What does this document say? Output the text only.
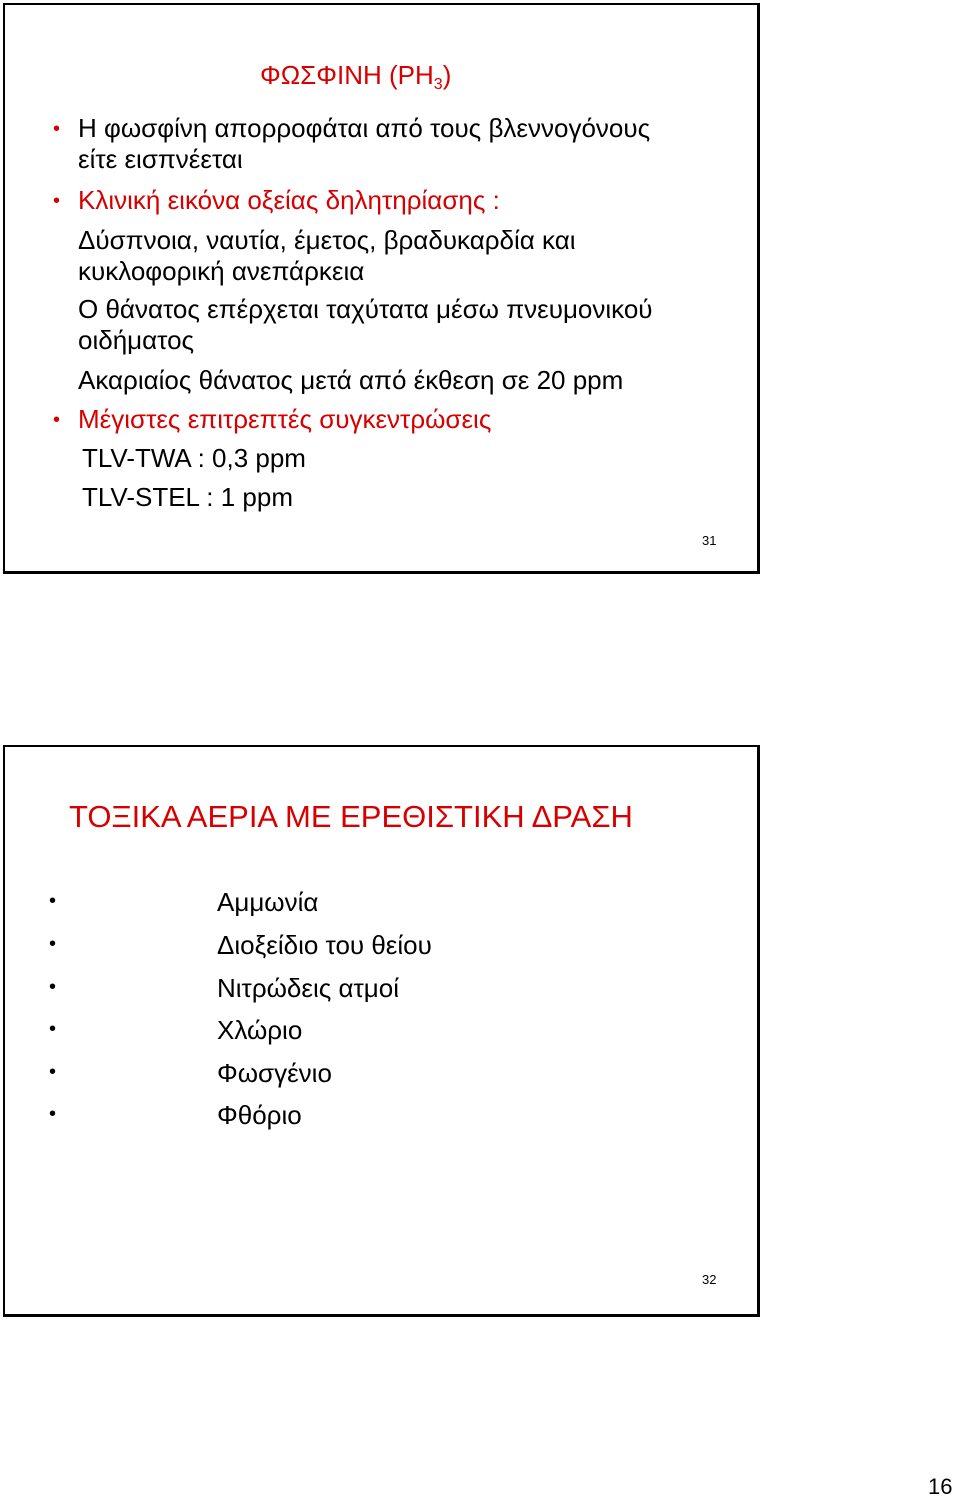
ΦΩΣΦΙΝΗ $(PH_3)$
• Η φωσφίνη απορροφάται από τους βλεννογόνους
είτε εισπνέεται
• Κλινική εικόνα οξείας δηλητηρίασης :
Δύσπνοια, ναυτία, έμετος, βραδυκαρδία και
κυκλοφορική ανεπάρκεια
Ο θάνατος επέρχεται ταχύτατα μέσω πνευμονικού
οιδήματος
Ακαριαίος θάνατος μετά από έκθεση σε 20 ppm
• Μέγιστες επιτρεπτές συγκεντρώσεις
TLV-TWA : 0,3 ppm
TLV-STEL : 1 ppm
31
ΤΟΞΙΚΑ ΑΕΡΙΑ ΜΕ ΕΡΕΘΙΣΤΙΚΗ ΔΡΑΣΗ
•	Αμμωνία
•	Διοξείδιο του θείου
•	Νιτρώδεις ατμοί
•	Χλώριο
•	Φωσγένιο
•	Φθόριο
32
16
